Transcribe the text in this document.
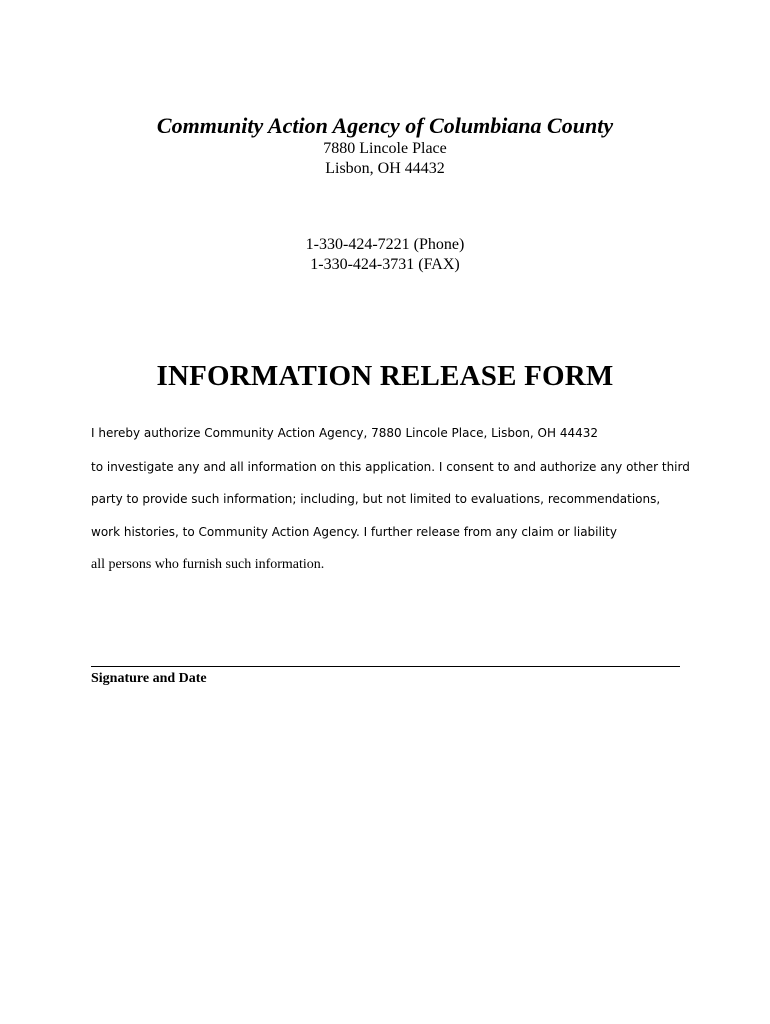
Community Action Agency of Columbiana County
7880 Lincole Place
Lisbon, OH 44432
1-330-424-7221 (Phone)
1-330-424-3731 (FAX)
INFORMATION RELEASE FORM
I hereby authorize Community Action Agency, 7880 Lincole Place, Lisbon, OH 44432
to investigate any and all information on this application. I consent to and authorize any other third
party to provide such information; including, but not limited to evaluations, recommendations,
work histories, to Community Action Agency. I further release from any claim or liability
all persons who furnish such information.
Signature and Date
